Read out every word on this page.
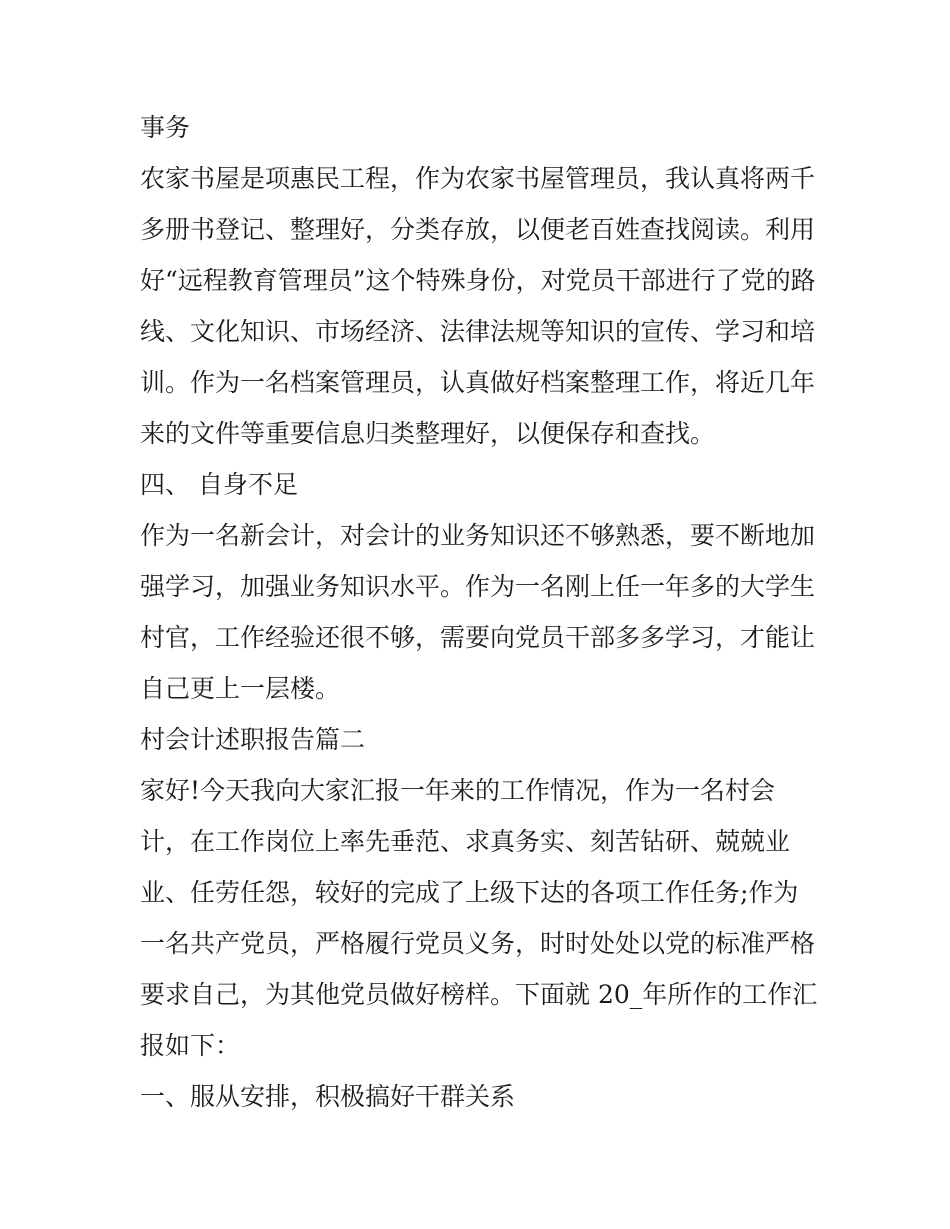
事务
农家书屋是项惠民工程，作为农家书屋管理员，我认真将两千
多册书登记、整理好，分类存放，以便老百姓查找阅读。利用
好“远程教育管理员”这个特殊身份，对党员干部进行了党的路
线、文化知识、市场经济、法律法规等知识的宣传、学习和培
训。作为一名档案管理员，认真做好档案整理工作，将近几年
来的文件等重要信息归类整理好，以便保存和查找。
四、 自身不足
作为一名新会计，对会计的业务知识还不够熟悉，要不断地加
强学习，加强业务知识水平。作为一名刚上任一年多的大学生
村官，工作经验还很不够，需要向党员干部多多学习，才能让
自己更上一层楼。
村会计述职报告篇二
家好!今天我向大家汇报一年来的工作情况，作为一名村会
计，在工作岗位上率先垂范、求真务实、刻苦钻研、兢兢业
业、任劳任怨，较好的完成了上级下达的各项工作任务;作为
一名共产党员，严格履行党员义务，时时处处以党的标准严格
要求自己，为其他党员做好榜样。下面就 20_年所作的工作汇
报如下：
一、服从安排，积极搞好干群关系
